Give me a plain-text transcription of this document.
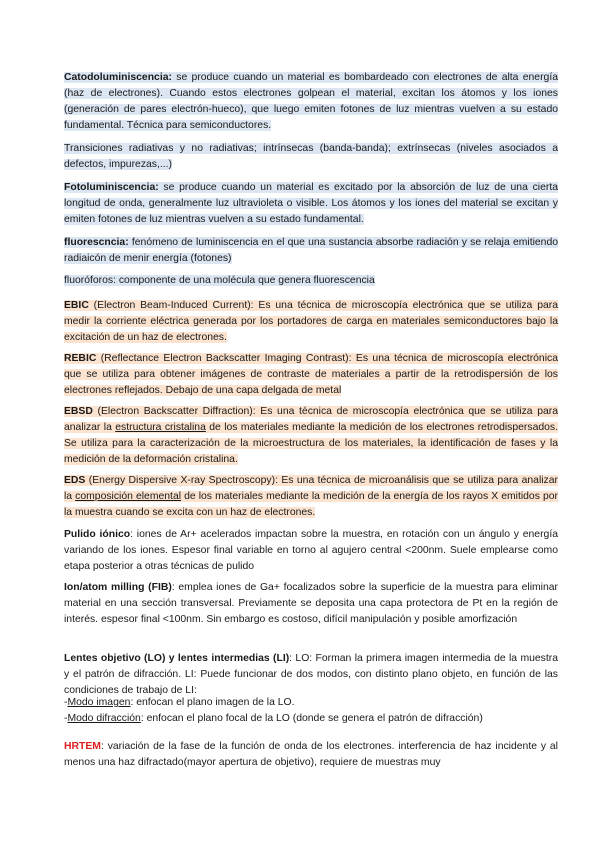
Catodoluminiscencia: se produce cuando un material es bombardeado con electrones de alta energía (haz de electrones). Cuando estos electrones golpean el material, excitan los átomos y los iones (generación de pares electrón-hueco), que luego emiten fotones de luz mientras vuelven a su estado fundamental. Técnica para semiconductores.

Transiciones radiativas y no radiativas; intrínsecas (banda-banda); extrínsecas (niveles asociados a defectos, impurezas,...)

Fotoluminiscencia: se produce cuando un material es excitado por la absorción de luz de una cierta longitud de onda, generalmente luz ultravioleta o visible. Los átomos y los iones del material se excitan y emiten fotones de luz mientras vuelven a su estado fundamental.

fluorescncia: fenómeno de luminiscencia en el que una sustancia absorbe radiación y se relaja emitiendo radiaicón de menir energía (fotones)

fluoróforos: componente de una molécula que genera fluorescencia

EBIC (Electron Beam-Induced Current): Es una técnica de microscopía electrónica que se utiliza para medir la corriente eléctrica generada por los portadores de carga en materiales semiconductores bajo la excitación de un haz de electrones.

REBIC (Reflectance Electron Backscatter Imaging Contrast): Es una técnica de microscopía electrónica que se utiliza para obtener imágenes de contraste de materiales a partir de la retrodispersión de los electrones reflejados. Debajo de una capa delgada de metal

EBSD (Electron Backscatter Diffraction): Es una técnica de microscopía electrónica que se utiliza para analizar la estructura cristalina de los materiales mediante la medición de los electrones retrodispersados. Se utiliza para la caracterización de la microestructura de los materiales, la identificación de fases y la medición de la deformación cristalina.

EDS (Energy Dispersive X-ray Spectroscopy): Es una técnica de microanálisis que se utiliza para analizar la composición elemental de los materiales mediante la medición de la energía de los rayos X emitidos por la muestra cuando se excita con un haz de electrones.

Pulido iónico: iones de Ar+ acelerados impactan sobre la muestra, en rotación con un ángulo y energía variando de los iones. Espesor final variable en torno al agujero central <200nm. Suele emplearse como etapa posterior a otras técnicas de pulido

Ion/atom milling (FIB): emplea iones de Ga+ focalizados sobre la superficie de la muestra para eliminar material en una sección transversal. Previamente se deposita una capa protectora de Pt en la región de interés. espesor final <100nm. Sin embargo es costoso, difícil manipulación y posible amorfización

Lentes objetivo (LO) y lentes intermedias (LI): LO: Forman la primera imagen intermedia de la muestra y el patrón de difracción. LI: Puede funcionar de dos modos, con distinto plano objeto, en función de las condiciones de trabajo de LI:

-Modo imagen: enfocan el plano imagen de la LO.

-Modo difracción: enfocan el plano focal de la LO (donde se genera el patrón de difracción)

HRTEM: variación de la fase de la función de onda de los electrones. interferencia de haz incidente y al menos una haz difractado(mayor apertura de objetivo), requiere de muestras muy
